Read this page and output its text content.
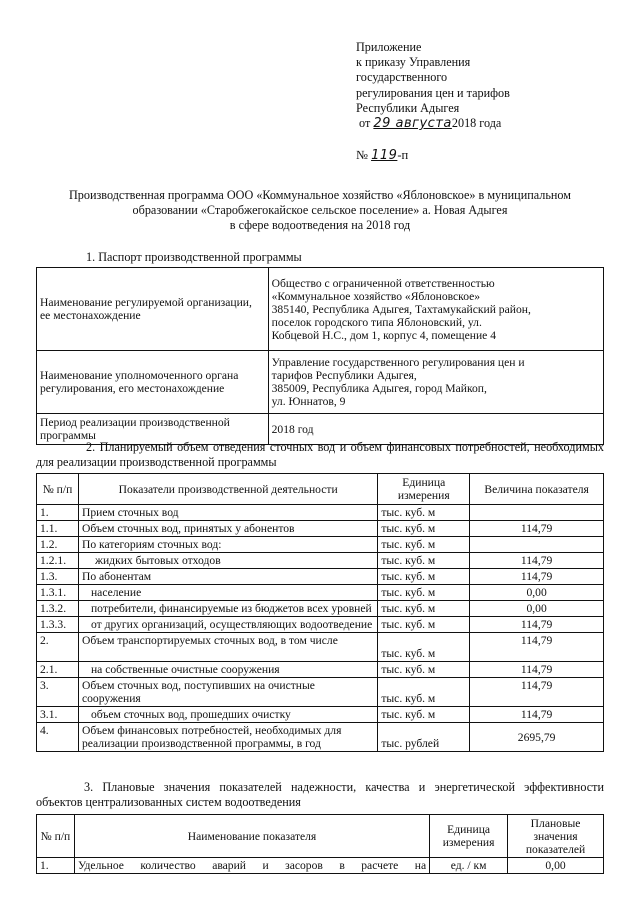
Приложение
к приказу Управления
государственного
регулирования цен и тарифов
Республики Адыгея
от 29 августа2018 года
№ 119-п
Производственная программа ООО «Коммунальное хозяйство «Яблоновское» в муниципальном
образовании «Старобжегокайское сельское поселение» а. Новая Адыгея
в сфере водоотведения на 2018 год
1. Паспорт производственной программы
Наименование регулируемой организации, ее местонахождение	Общество с ограниченной ответственностью
«Коммунальное хозяйство «Яблоновское»
385140, Республика Адыгея, Тахтамукайский район,
поселок городского типа Яблоновский, ул.
Кобцевой Н.С., дом 1, корпус 4, помещение 4

Наименование уполномоченного органа регулирования, его местонахождение	Управление государственного регулирования цен и
тарифов Республики Адыгея,
385009, Республика Адыгея, город Майкоп,
ул. Юннатов, 9

Период реализации производственной программы	2018 год
2. Планируемый объем отведения сточных вод и объем финансовых потребностей, необходимых для реализации производственной программы
№ п/п	Показатели производственной деятельности	Единица измерения	Величина показателя
1.	Прием сточных вод	тыс. куб. м	
1.1.	Объем сточных вод, принятых у абонентов	тыс. куб. м	114,79
1.2.	По категориям сточных вод:	тыс. куб. м	
1.2.1.	жидких бытовых отходов	тыс. куб. м	114,79
1.3.	По абонентам	тыс. куб. м	114,79
1.3.1.	население	тыс. куб. м	0,00
1.3.2.	потребители, финансируемые из бюджетов всех уровней	тыс. куб. м	0,00
1.3.3.	от других организаций, осуществляющих водоотведение	тыс. куб. м	114,79
2.	Объем транспортируемых сточных вод, в том числе	тыс. куб. м	114,79
2.1.	на собственные очистные сооружения	тыс. куб. м	114,79
3.	Объем сточных вод, поступивших на очистные сооружения	тыс. куб. м	114,79
3.1.	объем сточных вод, прошедших очистку	тыс. куб. м	114,79
4.	Объем финансовых потребностей, необходимых для реализации производственной программы, в год	тыс. рублей	2695,79
3. Плановые значения показателей надежности, качества и энергетической эффективности объектов централизованных систем водоотведения
№ п/п	Наименование показателя	Единица измерения	Плановые значения показателей
1.	Удельное количество аварий и засоров в расчете на	ед. / км	0,00
